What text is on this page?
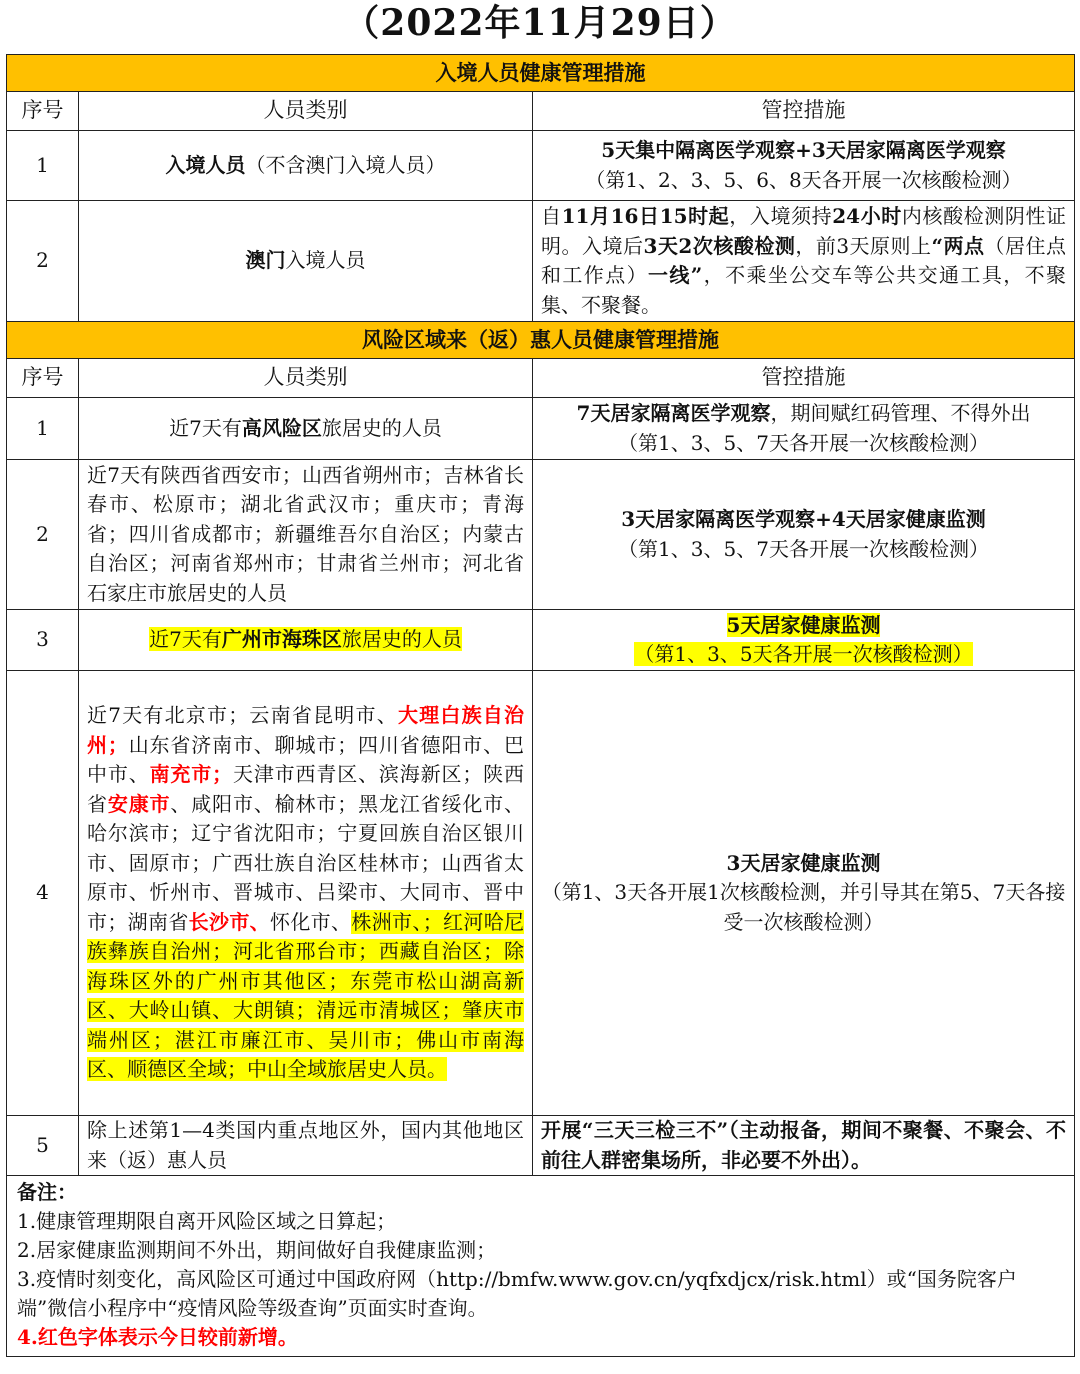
（2022年11月29日）
入境人员健康管理措施		
序号	人员类别	管控措施
1	入境人员（不含澳门入境人员）	5天集中隔离医学观察+3天居家隔离医学观察
（第1、2、3、5、6、8天各开展一次核酸检测）
2	澳门入境人员	自11月16日15时起，入境须持24小时内核酸检测阴性证明。入境后3天2次核酸检测，前3天原则上“两点（居住点和工作点）一线”，不乘坐公交车等公共交通工具，不聚集、不聚餐。
风险区域来（返）惠人员健康管理措施		
序号	人员类别	管控措施
1	近7天有高风险区旅居史的人员	7天居家隔离医学观察，期间赋红码管理、不得外出
（第1、3、5、7天各开展一次核酸检测）
2	近7天有陕西省西安市；山西省朔州市；吉林省长春市、松原市；湖北省武汉市；重庆市；青海省；四川省成都市；新疆维吾尔自治区；内蒙古自治区；河南省郑州市；甘肃省兰州市；河北省石家庄市旅居史的人员	3天居家隔离医学观察+4天居家健康监测
（第1、3、5、7天各开展一次核酸检测）
3	近7天有广州市海珠区旅居史的人员	5天居家健康监测
（第1、3、5天各开展一次核酸检测）
4	近7天有北京市；云南省昆明市、大理白族自治州；山东省济南市、聊城市；四川省德阳市、巴中市、南充市；天津市西青区、滨海新区；陕西省安康市、咸阳市、榆林市；黑龙江省绥化市、哈尔滨市；辽宁省沈阳市；宁夏回族自治区银川市、固原市；广西壮族自治区桂林市；山西省太原市、忻州市、晋城市、吕梁市、大同市、晋中市；湖南省长沙市、怀化市、株洲市、；红河哈尼族彝族自治州；河北省邢台市；西藏自治区；除海珠区外的广州市其他区；东莞市松山湖高新区、大岭山镇、大朗镇；清远市清城区；肇庆市端州区；湛江市廉江市、吴川市；佛山市南海区、顺德区全域；中山全域旅居史人员。	3天居家健康监测
（第1、3天各开展1次核酸检测，并引导其在第5、7天各接受一次核酸检测）
5	除上述第1—4类国内重点地区外，国内其他地区来（返）惠人员	开展“三天三检三不”（主动报备，期间不聚餐、不聚会、不前往人群密集场所，非必要不外出）。

备注：
1.健康管理期限自离开风险区域之日算起；
2.居家健康监测期间不外出，期间做好自我健康监测；
3.疫情时刻变化，高风险区可通过中国政府网（http://bmfw.www.gov.cn/yqfxdjcx/risk.html）或“国务院客户端”微信小程序中“疫情风险等级查询”页面实时查询。
4.红色字体表示今日较前新增。		
